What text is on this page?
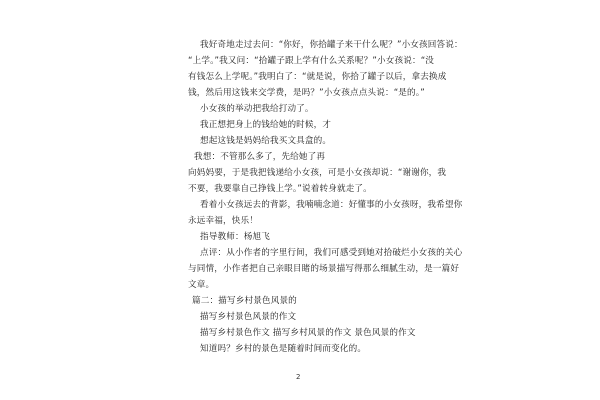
我好奇地走过去问：“你好，你拾罐子来干什么呢？”小女孩回答说：
“上学。”我又问：“拾罐子跟上学有什么关系呢？”小女孩说：“没
有钱怎么上学呢。”我明白了：“就是说，你拾了罐子以后，拿去换成
钱，然后用这钱来交学费，是吗？”小女孩点点头说：“是的。”
小女孩的举动把我给打动了。
我正想把身上的钱给她的时候，才
想起这钱是妈妈给我买文具盒的。
我想：不管那么多了，先给她了再
向妈妈要，于是我把钱递给小女孩，可是小女孩却说：“谢谢你，我
不要，我要靠自己挣钱上学。”说着转身就走了。
看着小女孩远去的背影，我喃喃念道：好懂事的小女孩呀，我希望你
永远幸福，快乐！
指导教师：杨旭飞
点评：从小作者的字里行间，我们可感受到她对拾破烂小女孩的关心
与同情，小作者把自己亲眼目睹的场景描写得那么细腻生动，是一篇好
文章。
篇二：描写乡村景色风景的
描写乡村景色风景的作文
描写乡村景色作文 描写乡村风景的作文 景色风景的作文
知道吗？乡村的景色是随着时间而变化的。
2
